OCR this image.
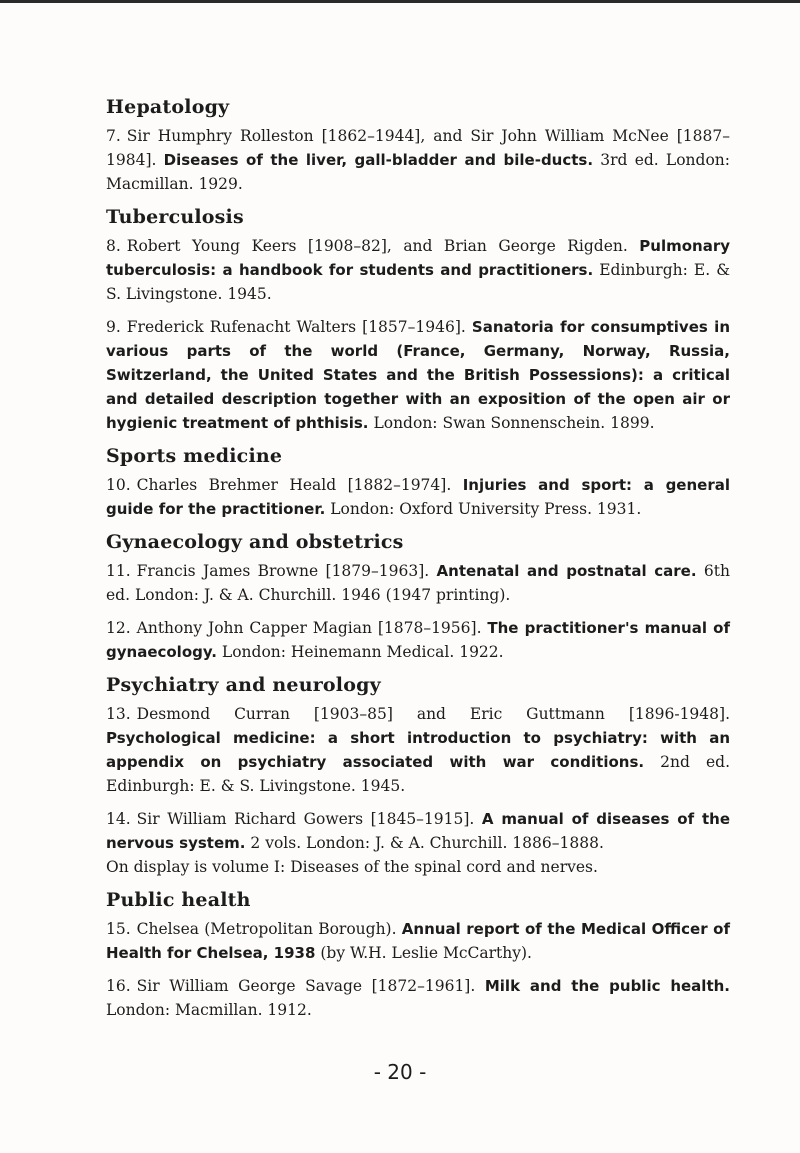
Hepatology

7. Sir Humphry Rolleston [1862–1944], and Sir John William McNee [1887–1984]. Diseases of the liver, gall-bladder and bile-ducts. 3rd ed. London: Macmillan. 1929.

Tuberculosis

8. Robert Young Keers [1908–82], and Brian George Rigden. Pulmonary tuberculosis: a handbook for students and practitioners. Edinburgh: E. & S. Livingstone. 1945.

9. Frederick Rufenacht Walters [1857–1946]. Sanatoria for consumptives in various parts of the world (France, Germany, Norway, Russia, Switzerland, the United States and the British Possessions): a critical and detailed description together with an exposition of the open air or hygienic treatment of phthisis. London: Swan Sonnenschein. 1899.

Sports medicine

10. Charles Brehmer Heald [1882–1974]. Injuries and sport: a general guide for the practitioner. London: Oxford University Press. 1931.

Gynaecology and obstetrics

11. Francis James Browne [1879–1963]. Antenatal and postnatal care. 6th ed. London: J. & A. Churchill. 1946 (1947 printing).

12. Anthony John Capper Magian [1878–1956]. The practitioner's manual of gynaecology. London: Heinemann Medical. 1922.

Psychiatry and neurology

13. Desmond Curran [1903–85] and Eric Guttmann [1896-1948]. Psychological medicine: a short introduction to psychiatry: with an appendix on psychiatry associated with war conditions. 2nd ed. Edinburgh: E. & S. Livingstone. 1945.

14. Sir William Richard Gowers [1845–1915]. A manual of diseases of the nervous system. 2 vols. London: J. & A. Churchill. 1886–1888.
On display is volume I: Diseases of the spinal cord and nerves.

Public health

15. Chelsea (Metropolitan Borough). Annual report of the Medical Officer of Health for Chelsea, 1938 (by W.H. Leslie McCarthy).

16. Sir William George Savage [1872–1961]. Milk and the public health. London: Macmillan. 1912.

- 20 -
